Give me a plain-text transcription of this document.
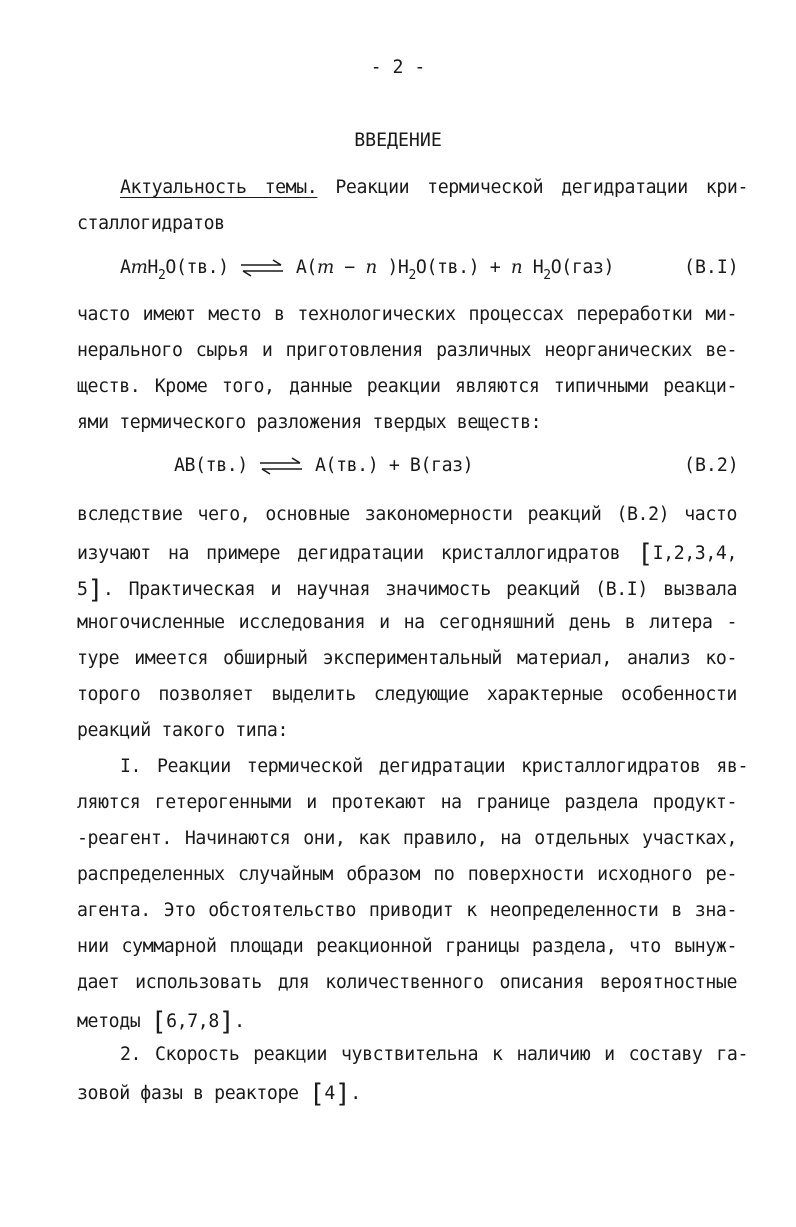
- 2 -
ВВЕДЕНИЕ
Актуальность темы. Реакции термической дегидратации кри-
сталлогидратов
AmH$_2$O(тв.) ⇌ A(m − n )$H_2O(тв.) + n$ $H_2O(газ)$	(В.I)
часто имеют место в технологических процессах переработки ми-
нерального сырья и приготовления различных неорганических ве-
ществ. Кроме того, данные реакции являются типичными реакци-
ями термического разложения твердых веществ:
AB(тв.) ⇌ A(тв.) + B(газ)	(В.2)
вследствие чего, основные закономерности реакций (В.2) часто
изучают на примере дегидратации кристаллогидратов [I,2,3,4,
5]. Практическая и научная значимость реакций (В.I) вызвала
многочисленные исследования и на сегодняшний день в литера -
туре имеется обширный экспериментальный материал, анализ ко-
торого позволяет выделить следующие характерные особенности
реакций такого типа:
I. Реакции термической дегидратации кристаллогидратов яв-
ляются гетерогенными и протекают на границе раздела продукт-
-реагент. Начинаются они, как правило, на отдельных участках,
распределенных случайным образом по поверхности исходного ре-
агента. Это обстоятельство приводит к неопределенности в зна-
нии суммарной площади реакционной границы раздела, что вынуж-
дает использовать для количественного описания вероятностные
методы [6,7,8].
2. Скорость реакции чувствительна к наличию и составу га-
зовой фазы в реакторе [4].
